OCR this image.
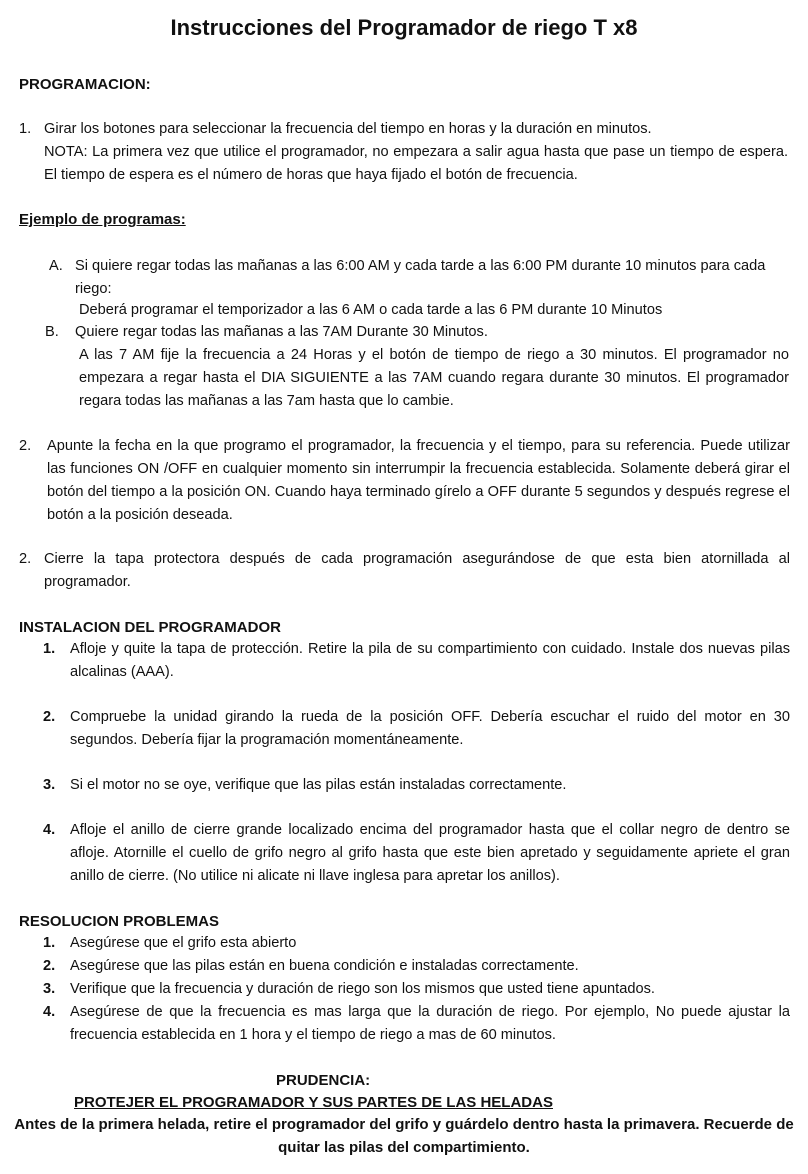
Instrucciones del Programador de riego T x8

PROGRAMACION:

1. Girar los botones para seleccionar la frecuencia del tiempo en horas y la duración en minutos.

NOTA: La primera vez que utilice el programador, no empezara a salir agua hasta que pase un tiempo de espera. El tiempo de espera es el número de horas que haya fijado el botón de frecuencia.

Ejemplo de programas:

A. Si quiere regar todas las mañanas a las 6:00 AM y cada tarde a las 6:00 PM durante 10 minutos para cada riego:

Deberá programar el temporizador a las 6 AM o cada tarde a las 6 PM durante 10 Minutos

B.	Quiere regar todas las mañanas a las 7AM Durante 30 Minutos.

A las 7 AM fije la frecuencia a 24 Horas y el botón de tiempo de riego a 30 minutos. El programador no empezara a regar hasta el DIA SIGUIENTE a las 7AM cuando regara durante 30 minutos. El programador regara todas las mañanas a las 7am hasta que lo cambie.

2.	Apunte la fecha en la que programo el programador, la frecuencia y el tiempo, para su referencia. Puede utilizar las funciones ON /OFF en cualquier momento sin interrumpir la frecuencia establecida. Solamente deberá girar el botón del tiempo a la posición ON. Cuando haya terminado gírelo a OFF durante 5 segundos y después regrese el botón a la posición deseada.

2. Cierre la tapa protectora después de cada programación asegurándose de que esta bien atornillada al programador.

INSTALACION DEL PROGRAMADOR

1.	Afloje y quite la tapa de protección. Retire la pila de su compartimiento con cuidado. Instale dos nuevas pilas alcalinas (AAA).

2.	Compruebe la unidad girando la rueda de la posición OFF. Debería escuchar el ruido del motor en 30 segundos. Debería fijar la programación momentáneamente.

3.	Si el motor no se oye, verifique que las pilas están instaladas correctamente.

4.	Afloje el anillo de cierre grande localizado encima del programador hasta que el collar negro de dentro se afloje. Atornille el cuello de grifo negro al grifo hasta que este bien apretado y seguidamente apriete el gran anillo de cierre. (No utilice ni alicate ni llave inglesa para apretar los anillos).

RESOLUCION PROBLEMAS

1.	Asegúrese que el grifo esta abierto

2.	Asegúrese que las pilas están en buena condición e instaladas correctamente.

3.	Verifique que la frecuencia y duración de riego son los mismos que usted tiene apuntados.

4.	Asegúrese de que la frecuencia es mas larga que la duración de riego. Por ejemplo, No puede ajustar la frecuencia establecida en 1 hora y el tiempo de riego a mas de 60 minutos.

PRUDENCIA:

PROTEJER EL PROGRAMADOR Y SUS PARTES DE LAS HELADAS

Antes de la primera helada, retire el programador del grifo y guárdelo dentro hasta la primavera. Recuerde de quitar las pilas del compartimiento.
